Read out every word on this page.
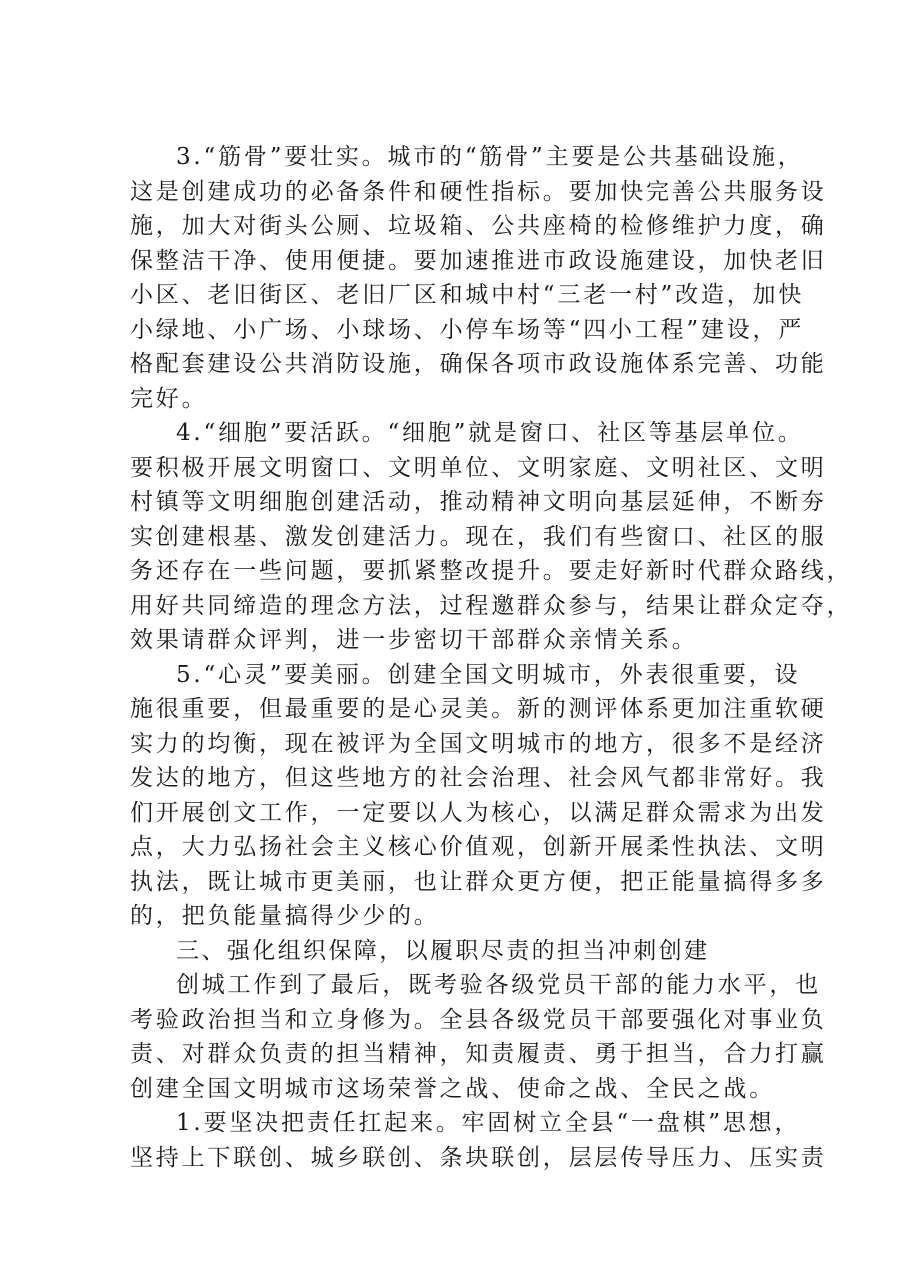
3.“筋骨”要壮实。城市的“筋骨”主要是公共基础设施，
这是创建成功的必备条件和硬性指标。要加快完善公共服务设
施，加大对街头公厕、垃圾箱、公共座椅的检修维护力度，确
保整洁干净、使用便捷。要加速推进市政设施建设，加快老旧
小区、老旧街区、老旧厂区和城中村“三老一村”改造，加快
小绿地、小广场、小球场、小停车场等“四小工程”建设，严
格配套建设公共消防设施，确保各项市政设施体系完善、功能
完好。
4.“细胞”要活跃。“细胞”就是窗口、社区等基层单位。
要积极开展文明窗口、文明单位、文明家庭、文明社区、文明
村镇等文明细胞创建活动，推动精神文明向基层延伸，不断夯
实创建根基、激发创建活力。现在，我们有些窗口、社区的服
务还存在一些问题，要抓紧整改提升。要走好新时代群众路线，
用好共同缔造的理念方法，过程邀群众参与，结果让群众定夺，
效果请群众评判，进一步密切干部群众亲情关系。
5.“心灵”要美丽。创建全国文明城市，外表很重要，设
施很重要，但最重要的是心灵美。新的测评体系更加注重软硬
实力的均衡，现在被评为全国文明城市的地方，很多不是经济
发达的地方，但这些地方的社会治理、社会风气都非常好。我
们开展创文工作，一定要以人为核心，以满足群众需求为出发
点，大力弘扬社会主义核心价值观，创新开展柔性执法、文明
执法，既让城市更美丽，也让群众更方便，把正能量搞得多多
的，把负能量搞得少少的。
三、强化组织保障，以履职尽责的担当冲刺创建
创城工作到了最后，既考验各级党员干部的能力水平，也
考验政治担当和立身修为。全县各级党员干部要强化对事业负
责、对群众负责的担当精神，知责履责、勇于担当，合力打赢
创建全国文明城市这场荣誉之战、使命之战、全民之战。
1.要坚决把责任扛起来。牢固树立全县“一盘棋”思想，
坚持上下联创、城乡联创、条块联创，层层传导压力、压实责
